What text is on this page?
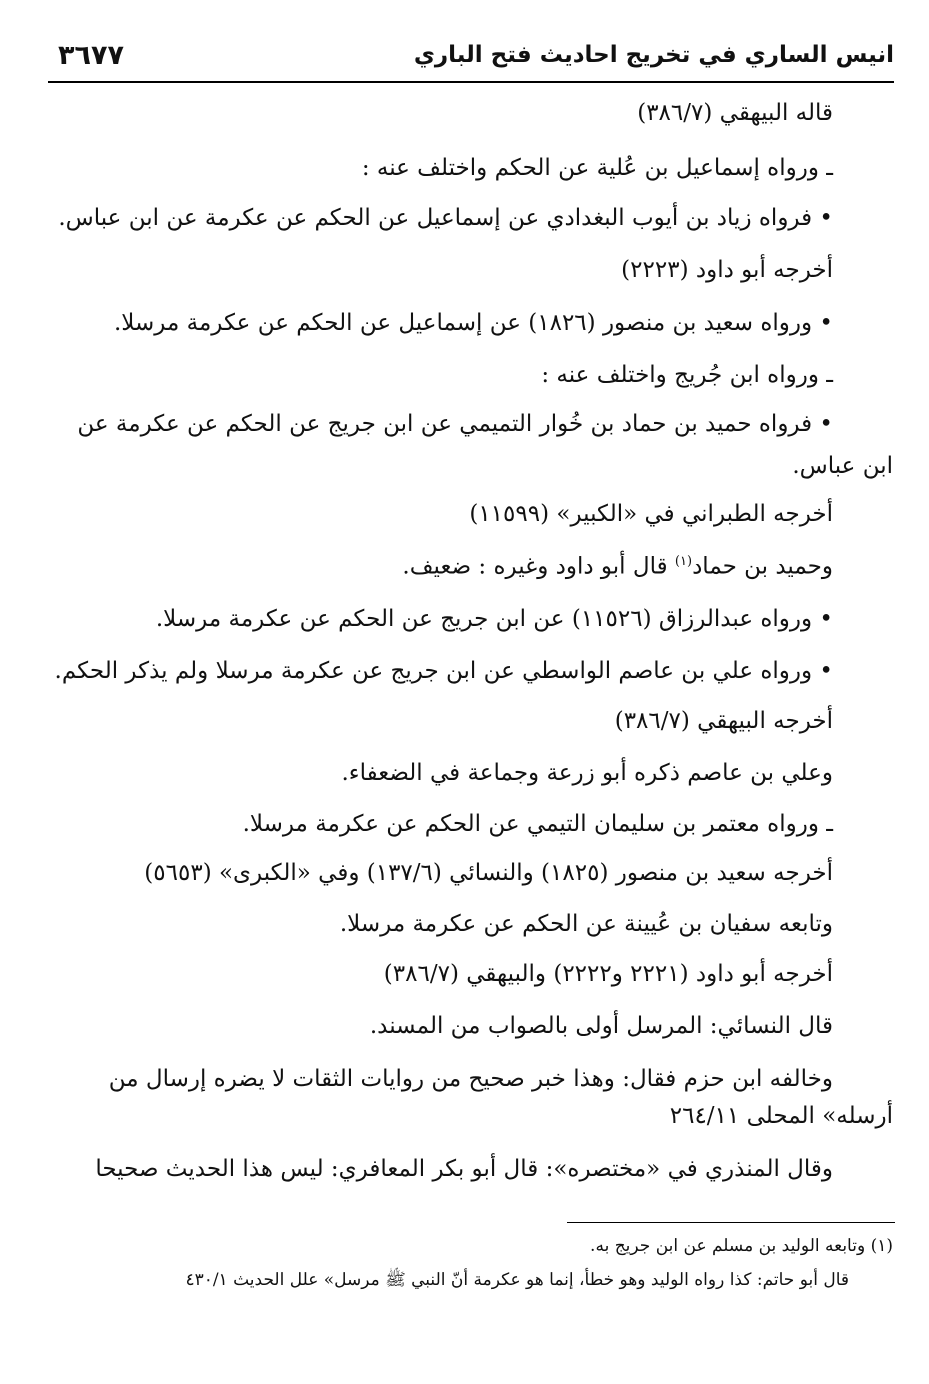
٣٦٧٧	انيس الساري في تخريج احاديث فتح الباري
قاله البيهقي (٣٨٦/٧)
ـ ورواه إسماعيل بن عُلية عن الحكم واختلف عنه :
• فرواه زياد بن أيوب البغدادي عن إسماعيل عن الحكم عن عكرمة عن ابن عباس.
أخرجه أبو داود (٢٢٢٣)
• ورواه سعيد بن منصور (١٨٢٦) عن إسماعيل عن الحكم عن عكرمة مرسلا.
ـ ورواه ابن جُريج واختلف عنه :
• فرواه حميد بن حماد بن خُوار التميمي عن ابن جريج عن الحكم عن عكرمة عن
ابن عباس.
أخرجه الطبراني في «الكبير» (١١٥٩٩)
وحميد بن حماد$^{(١)}$ قال أبو داود وغيره : ضعيف.
• ورواه عبدالرزاق (١١٥٢٦) عن ابن جريج عن الحكم عن عكرمة مرسلا.
• ورواه علي بن عاصم الواسطي عن ابن جريج عن عكرمة مرسلا ولم يذكر الحكم.
أخرجه البيهقي (٣٨٦/٧)
وعلي بن عاصم ذكره أبو زرعة وجماعة في الضعفاء.
ـ ورواه معتمر بن سليمان التيمي عن الحكم عن عكرمة مرسلا.
أخرجه سعيد بن منصور (١٨٢٥) والنسائي (١٣٧/٦) وفي «الكبرى» (٥٦٥٣)
وتابعه سفيان بن عُيينة عن الحكم عن عكرمة مرسلا.
أخرجه أبو داود (٢٢٢١ و٢٢٢٢) والبيهقي (٣٨٦/٧)
قال النسائي: المرسل أولى بالصواب من المسند.
وخالفه ابن حزم فقال: وهذا خبر صحيح من روايات الثقات لا يضره إرسال من
أرسله» المحلى ٢٦٤/١١
وقال المنذري في «مختصره»: قال أبو بكر المعافري: ليس هذا الحديث صحيحا
(١) وتابعه الوليد بن مسلم عن ابن جريج به.
قال أبو حاتم: كذا رواه الوليد وهو خطأ، إنما هو عكرمة أنّ النبي ﷺ مرسل» علل الحديث ٤٣٠/١
